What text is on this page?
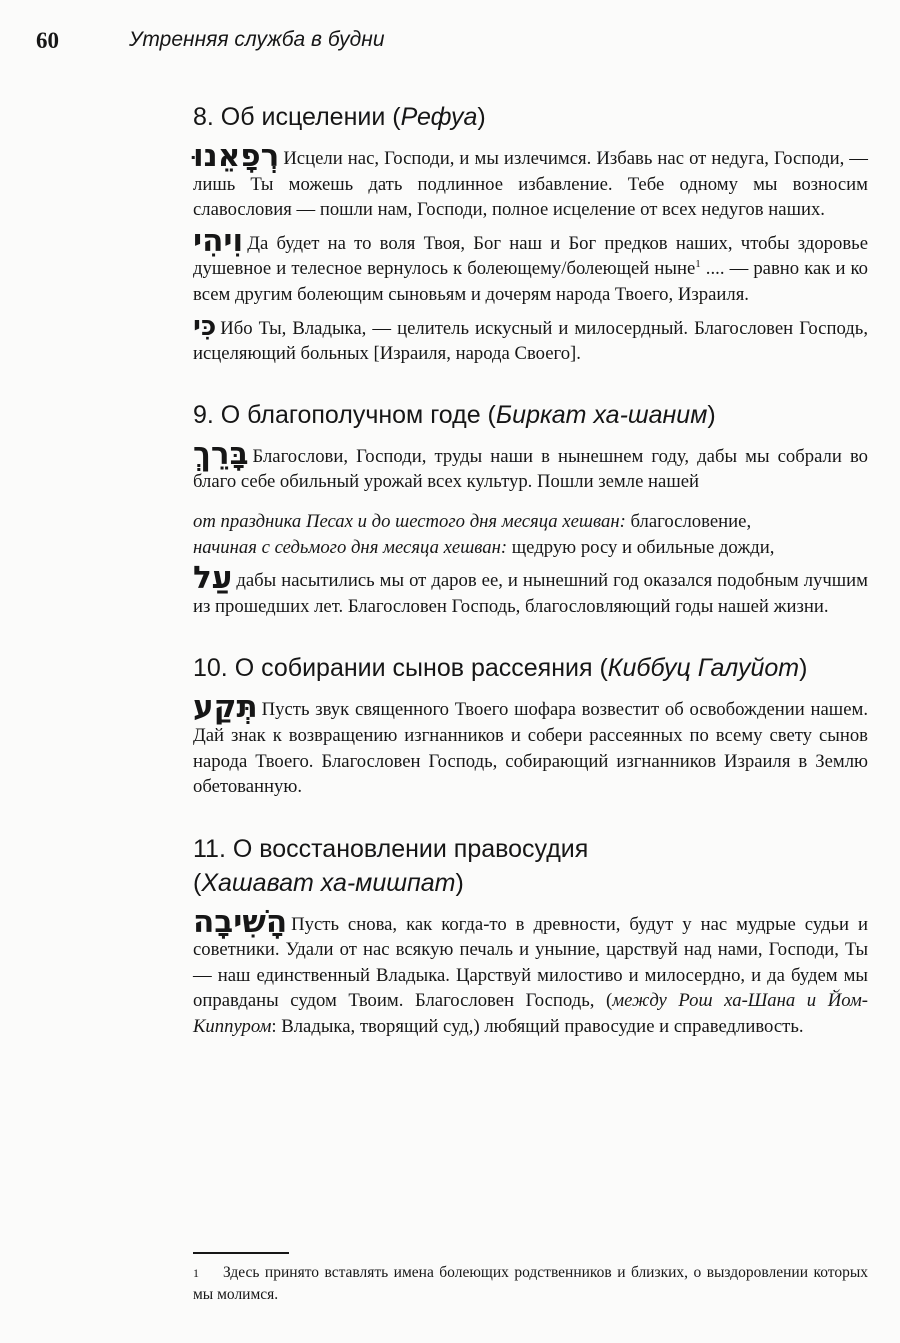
60	Утренняя служба в будни
8. Об исцелении (Рефуа)
רְפָאֵנוּ Исцели нас, Господи, и мы излечимся. Избавь нас от недуга, Господи, — лишь Ты можешь дать подлинное избавление. Тебе одному мы возносим славословия — пошли нам, Господи, полное исцеление от всех недугов наших.
וִיהִי Да будет на то воля Твоя, Бог наш и Бог предков наших, чтобы здоровье душевное и телесное вернулось к болеющему/болеющей ныне$^1$ .... — равно как и ко всем другим болеющим сыновьям и дочерям народа Твоего, Израиля.
כִּי Ибо Ты, Владыка, — целитель искусный и милосердный. Благословен Господь, исцеляющий больных [Израиля, народа Своего].
9. О благополучном годе (Биркат ха-шаним)
בָּרֵךְ Благослови, Господи, труды наши в нынешнем году, дабы мы собрали во благо себе обильный урожай всех культур. Пошли земле нашей
от праздника Песах и до шестого дня месяца хешван: благословение,
начиная с седьмого дня месяца хешван: щедрую росу и обильные дожди,
עַל дабы насытились мы от даров ее, и нынешний год оказался подобным лучшим из прошедших лет. Благословен Господь, благословляющий годы нашей жизни.
10. О собирании сынов рассеяния (Киббуц Галуйот)
תְּקַע Пусть звук священного Твоего шофара возвестит об освобождении нашем. Дай знак к возвращению изгнанников и собери рассеянных по всему свету сынов народа Твоего. Благословен Господь, собирающий изгнанников Израиля в Землю обетованную.
11. О восстановлении правосудия
(Хашават ха-мишпат)
הָשִׁיבָה Пусть снова, как когда-то в древности, будут у нас мудрые судьи и советники. Удали от нас всякую печаль и уныние, царствуй над нами, Господи, Ты — наш единственный Владыка. Царствуй милостиво и милосердно, и да будем мы оправданы судом Твоим. Благословен Господь, (между Рош ха-Шана и Йом-Киппуром: Владыка, творящий суд,) любящий правосудие и справедливость.
1 Здесь принято вставлять имена болеющих родственников и близких, о выздоровлении которых мы молимся.
